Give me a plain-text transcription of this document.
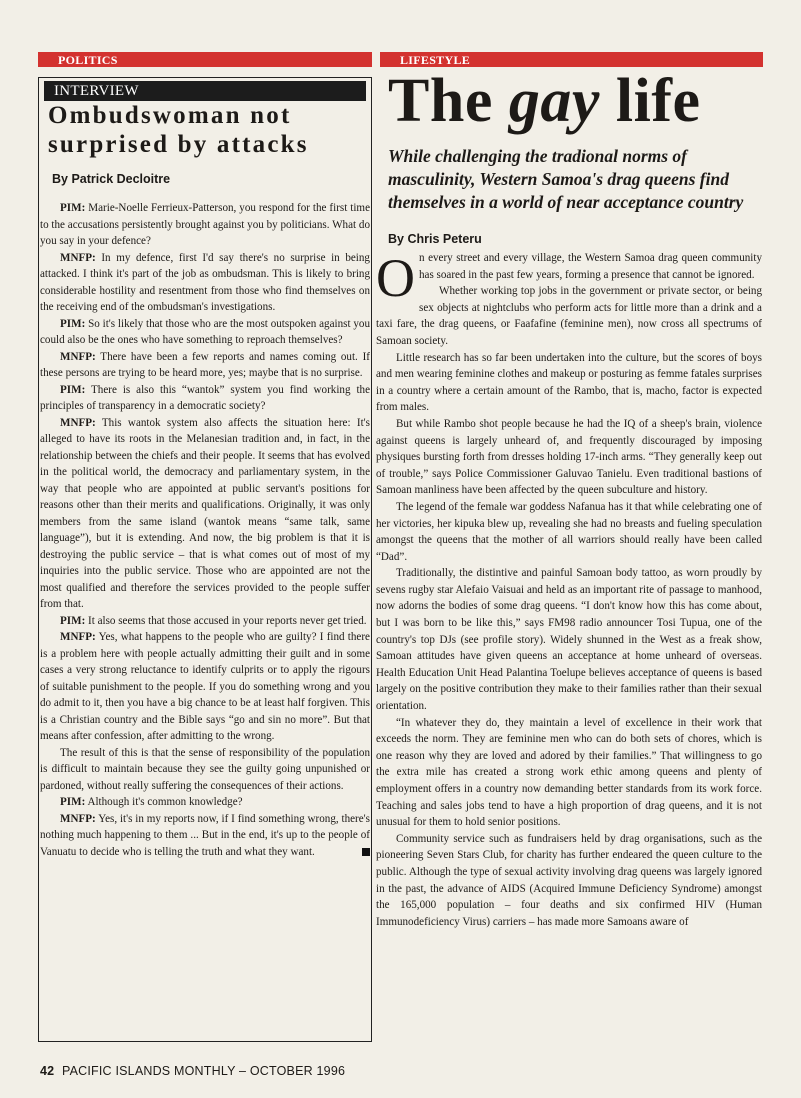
POLITICS	LIFESTYLE
INTERVIEW
Ombudswoman not
surprised by attacks

By Patrick Decloitre

PIM: Marie-Noelle Ferrieux-Patterson, you respond for the first time to the accusations persistently brought against you by politicians. What do you say in your defence?

MNFP: In my defence, first I'd say there's no surprise in being attacked. I think it's part of the job as ombudsman. This is likely to bring considerable hostility and resentment from those who find themselves on the receiving end of the ombudsman's investigations.

PIM: So it's likely that those who are the most outspoken against you could also be the ones who have something to reproach themselves?

MNFP: There have been a few reports and names coming out. If these persons are trying to be heard more, yes; maybe that is no surprise.

PIM: There is also this “wantok” system you find working the principles of transparency in a democratic society?

MNFP: This wantok system also affects the situation here: It's alleged to have its roots in the Melanesian tradition and, in fact, in the relationship between the chiefs and their people. It seems that has evolved in the political world, the democracy and parliamentary system, in the way that people who are appointed at public servant's positions for reasons other than their merits and qualifications. Originally, it was only members from the same island (wantok means “same talk, same language”), but it is extending. And now, the big problem is that it is destroying the public service – that is what comes out of most of my inquiries into the public service. Those who are appointed are not the most qualified and therefore the services provided to the people suffer from that.

PIM: It also seems that those accused in your reports never get tried.

MNFP: Yes, what happens to the people who are guilty? I find there is a problem here with people actually admitting their guilt and in some cases a very strong reluctance to identify culprits or to apply the rigours of suitable punishment to the people. If you do something wrong and you do admit to it, then you have a big chance to be at least half forgiven. This is a Christian country and the Bible says “go and sin no more”. But that means after confession, after admitting to the wrong.

The result of this is that the sense of responsibility of the population is difficult to maintain because they see the guilty going unpunished or pardoned, without really suffering the consequences of their actions.

PIM: Although it's common knowledge?

MNFP: Yes, it's in my reports now, if I find something wrong, there's nothing much happening to them ... But in the end, it's up to the people of Vanuatu to decide who is telling the truth and what they want.

The gay life

While challenging the tradional norms of masculinity, Western Samoa's drag queens find themselves in a world of near acceptance country

By Chris Peteru

On every street and every village, the Western Samoa drag queen community has soared in the past few years, forming a presence that cannot be ignored.

Whether working top jobs in the government or private sector, or being sex objects at nightclubs who perform acts for little more than a drink and a taxi fare, the drag queens, or Faafafine (feminine men), now cross all spectrums of Samoan society.

Little research has so far been undertaken into the culture, but the scores of boys and men wearing feminine clothes and makeup or posturing as femme fatales surprises in a country where a certain amount of the Rambo, that is, macho, factor is expected from males.

But while Rambo shot people because he had the IQ of a sheep's brain, violence against queens is largely unheard of, and frequently discouraged by imposing physiques bursting forth from dresses holding 17-inch arms. “They generally keep out of trouble,” says Police Commissioner Galuvao Tanielu. Even traditional bastions of Samoan manliness have been affected by the queen subculture and history.

The legend of the female war goddess Nafanua has it that while celebrating one of her victories, her kipuka blew up, revealing she had no breasts and fueling speculation amongst the queens that the mother of all warriors should really have been called “Dad”.

Traditionally, the distintive and painful Samoan body tattoo, as worn proudly by sevens rugby star Alefaio Vaisuai and held as an important rite of passage to manhood, now adorns the bodies of some drag queens. “I don't know how this has come about, but I was born to be like this,” says FM98 radio announcer Tosi Tupua, one of the country's top DJs (see profile story). Widely shunned in the West as a freak show, Samoan attitudes have given queens an acceptance at home unheard of overseas. Health Education Unit Head Palantina Toelupe believes acceptance of queens is based largely on the positive contribution they make to their families rather than their sexual orientation.

“In whatever they do, they maintain a level of excellence in their work that exceeds the norm. They are feminine men who can do both sets of chores, which is one reason why they are loved and adored by their families.” That willingness to go the extra mile has created a strong work ethic among queens and plenty of employment offers in a country now demanding better standards from its work force. Teaching and sales jobs tend to have a high proportion of drag queens, and it is not unusual for them to hold senior positions.

Community service such as fundraisers held by drag organisations, such as the pioneering Seven Stars Club, for charity has further endeared the queen culture to the public. Although the type of sexual activity involving drag queens was largely ignored in the past, the advance of AIDS (Acquired Immune Deficiency Syndrome) amongst the 165,000 population – four deaths and six confirmed HIV (Human Immunodeficiency Virus) carriers – has made more Samoans aware of

42 PACIFIC ISLANDS MONTHLY – OCTOBER 1996
